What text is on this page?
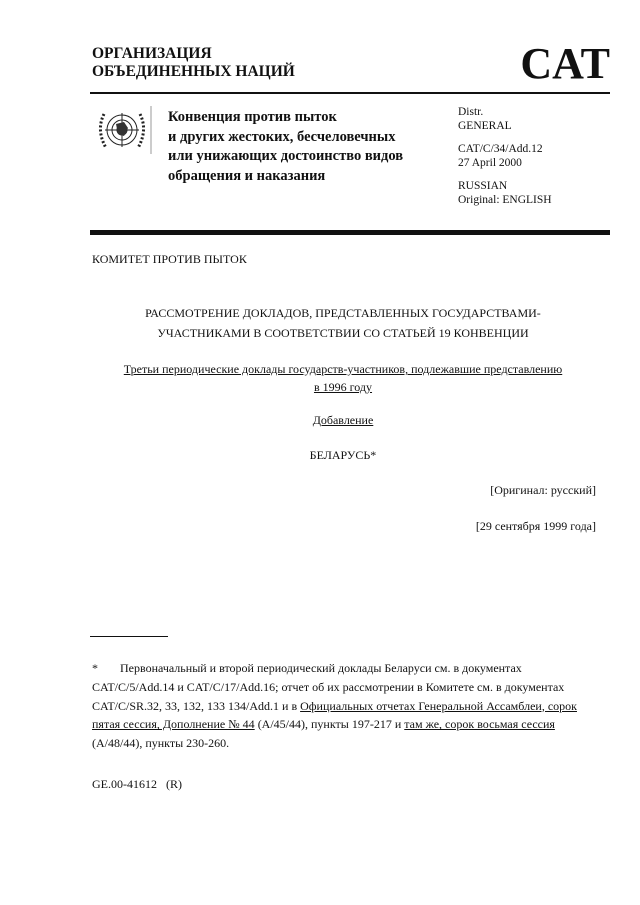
ОРГАНИЗАЦИЯ
ОБЪЕДИНЕННЫХ НАЦИЙ	CAT
Конвенция против пыток
и других жестоких, бесчеловечных
или унижающих достоинство видов
обращения и наказания
Distr.
GENERAL
CAT/C/34/Add.12
27 April 2000
RUSSIAN
Original: ENGLISH
КОМИТЕТ ПРОТИВ ПЫТОК
РАССМОТРЕНИЕ ДОКЛАДОВ, ПРЕДСТАВЛЕННЫХ ГОСУДАРСТВАМИ-
УЧАСТНИКАМИ В СООТВЕТСТВИИ СО СТАТЬЕЙ 19 КОНВЕНЦИИ
Третьи периодические доклады государств-участников, подлежавшие представлению
в 1996 году
Добавление
БЕЛАРУСЬ*
[Оригинал: русский]
[29 сентября 1999 года]
* Первоначальный и второй периодический доклады Беларуси см. в документах CAT/C/5/Add.14 и CAT/C/17/Add.16; отчет об их рассмотрении в Комитете см. в документах CAT/C/SR.32, 33, 132, 133 134/Add.1 и в Официальных отчетах Генеральной Ассамблеи, сорок пятая сессия, Дополнение № 44 (A/45/44), пункты 197-217 и там же, сорок восьмая сессия (A/48/44), пункты 230-260.
GE.00-41612   (R)
